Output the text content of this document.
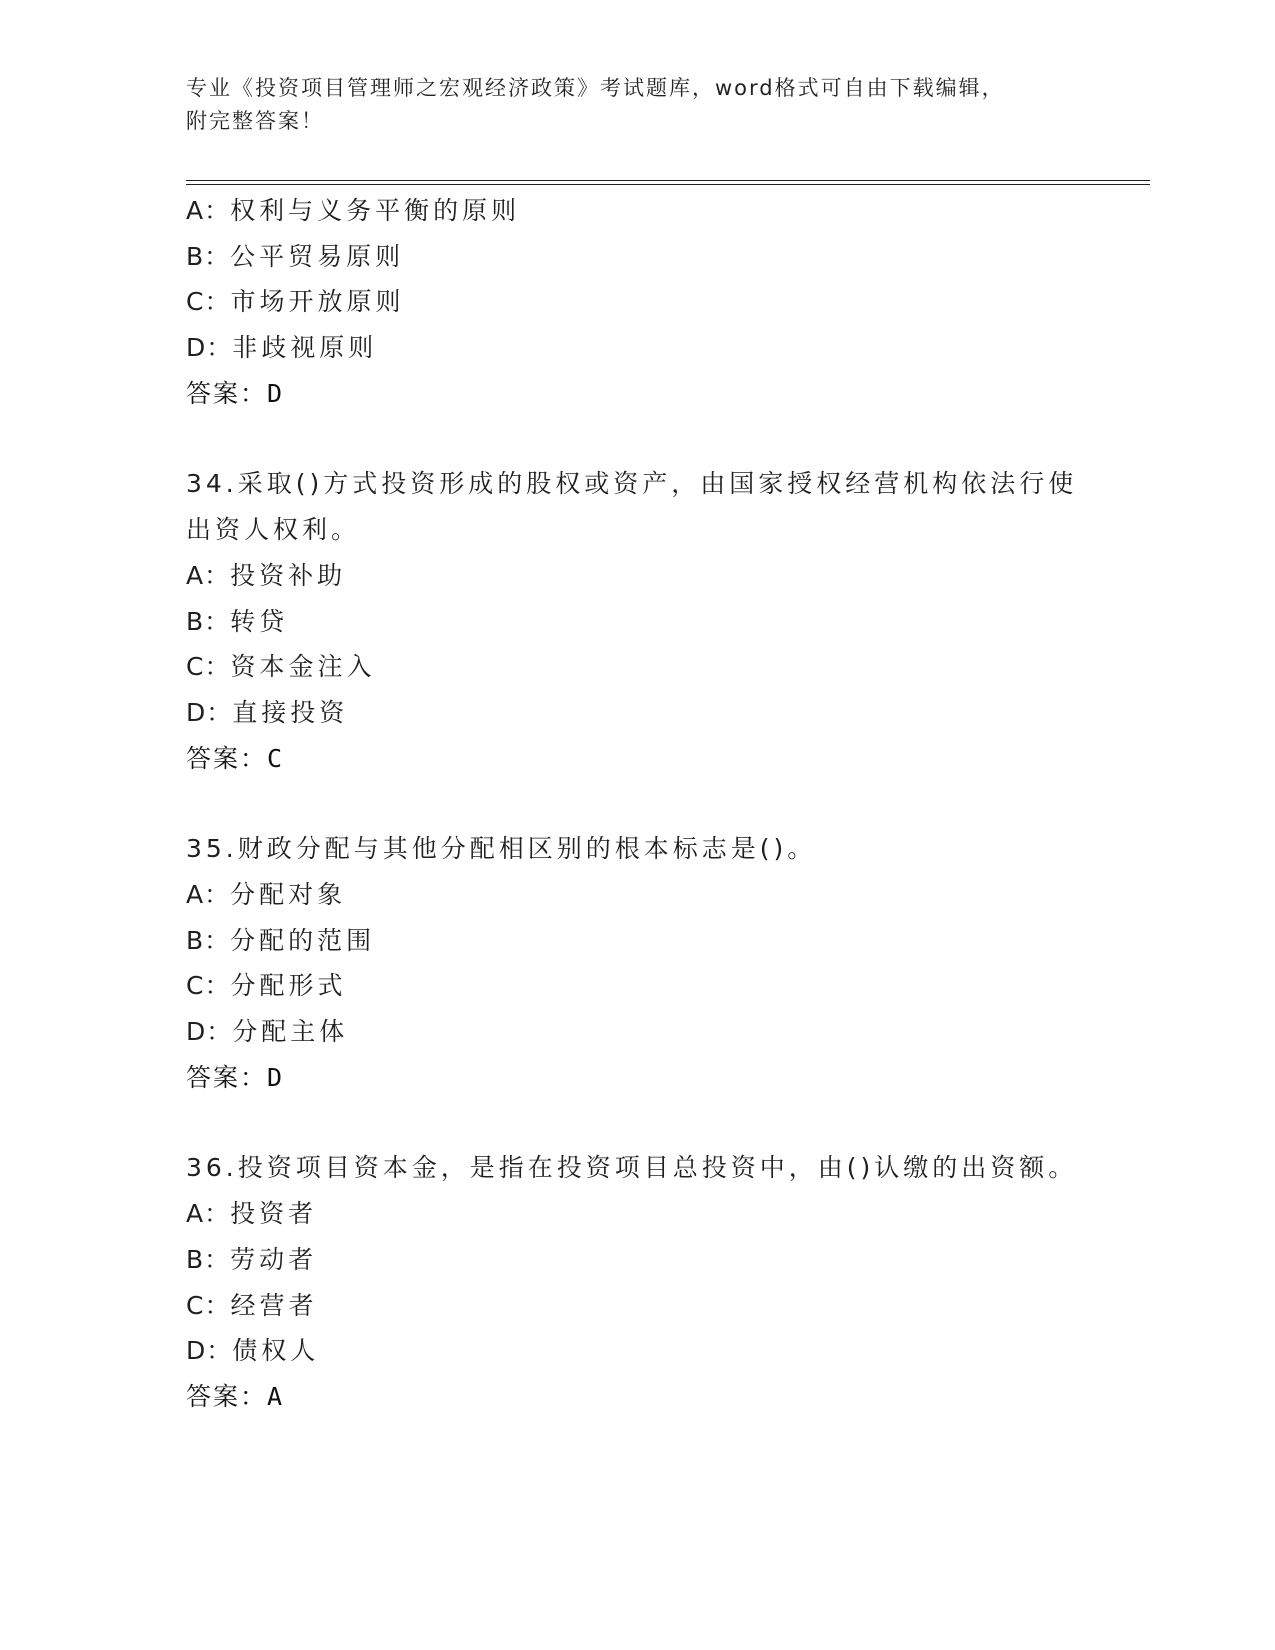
专业《投资项目管理师之宏观经济政策》考试题库，word格式可自由下载编辑，
附完整答案！
A：权利与义务平衡的原则
B：公平贸易原则
C：市场开放原则
D：非歧视原则
答案：D
34.采取()方式投资形成的股权或资产，由国家授权经营机构依法行使
出资人权利。
A：投资补助
B：转贷
C：资本金注入
D：直接投资
答案：C
35.财政分配与其他分配相区别的根本标志是()。
A：分配对象
B：分配的范围
C：分配形式
D：分配主体
答案：D
36.投资项目资本金，是指在投资项目总投资中，由()认缴的出资额。
A：投资者
B：劳动者
C：经营者
D：债权人
答案：A
